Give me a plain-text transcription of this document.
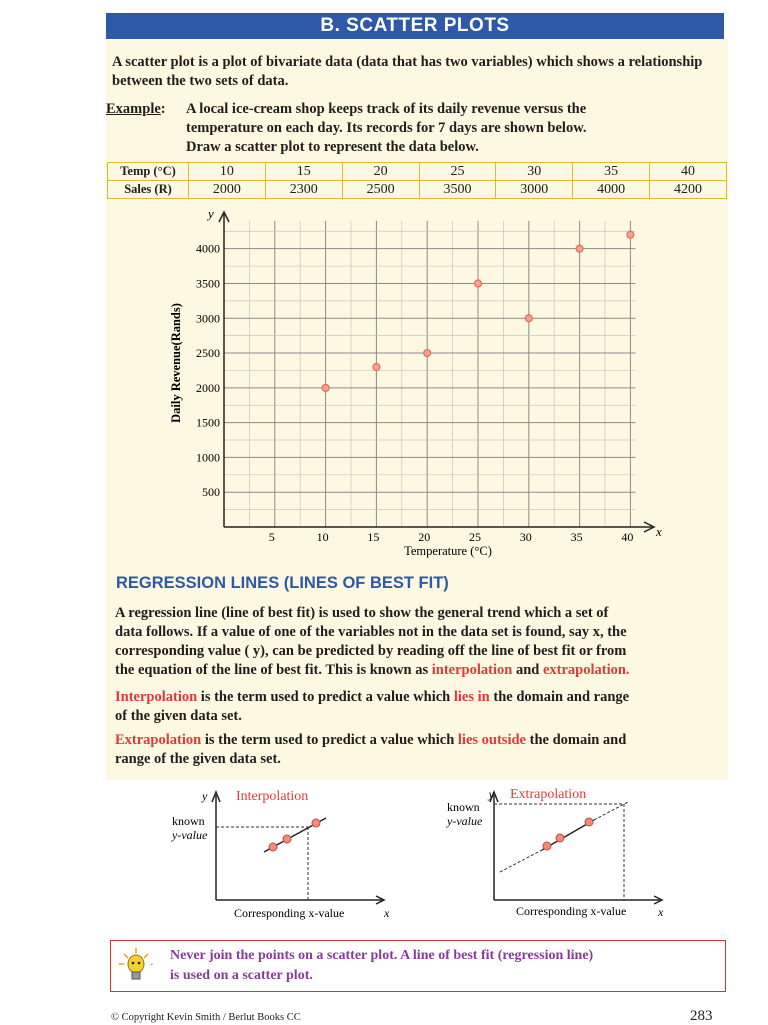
B. SCATTER PLOTS
A scatter plot is a plot of bivariate data (data that has two variables) which shows a relationship between the two sets of data.
Example: A local ice-cream shop keeps track of its daily revenue versus the
temperature on each day. Its records for 7 days are shown below.
Draw a scatter plot to represent the data below.
Temp (°C)	10	15	20	25	30	35	40
Sales (R)	2000	2300	2500	3500	3000	4000	4200
y
x
500
1000
1500
2000
2500
3000
3500
4000
5	10	15	20	25	30	35	40
Temperature (°C)
Daily Revenue(Rands)
REGRESSION LINES (LINES OF BEST FIT)
A regression line (line of best fit) is used to show the general trend which a set of
data follows. If a value of one of the variables not in the data set is found, say x, the
corresponding value ( y), can be predicted by reading off the line of best fit or from
the equation of the line of best fit. This is known as interpolation and extrapolation.
Interpolation is the term used to predict a value which lies in the domain and range
of the given data set.
Extrapolation is the term used to predict a value which lies outside the domain and
range of the given data set.
y Interpolation
known
y-value
Corresponding x-value	x
y Extrapolation
known
y-value
Corresponding x-value	x
·
Never join the points on a scatter plot. A line of best fit (regression line)
is used on a scatter plot.
© Copyright Kevin Smith / Berlut Books CC	283
